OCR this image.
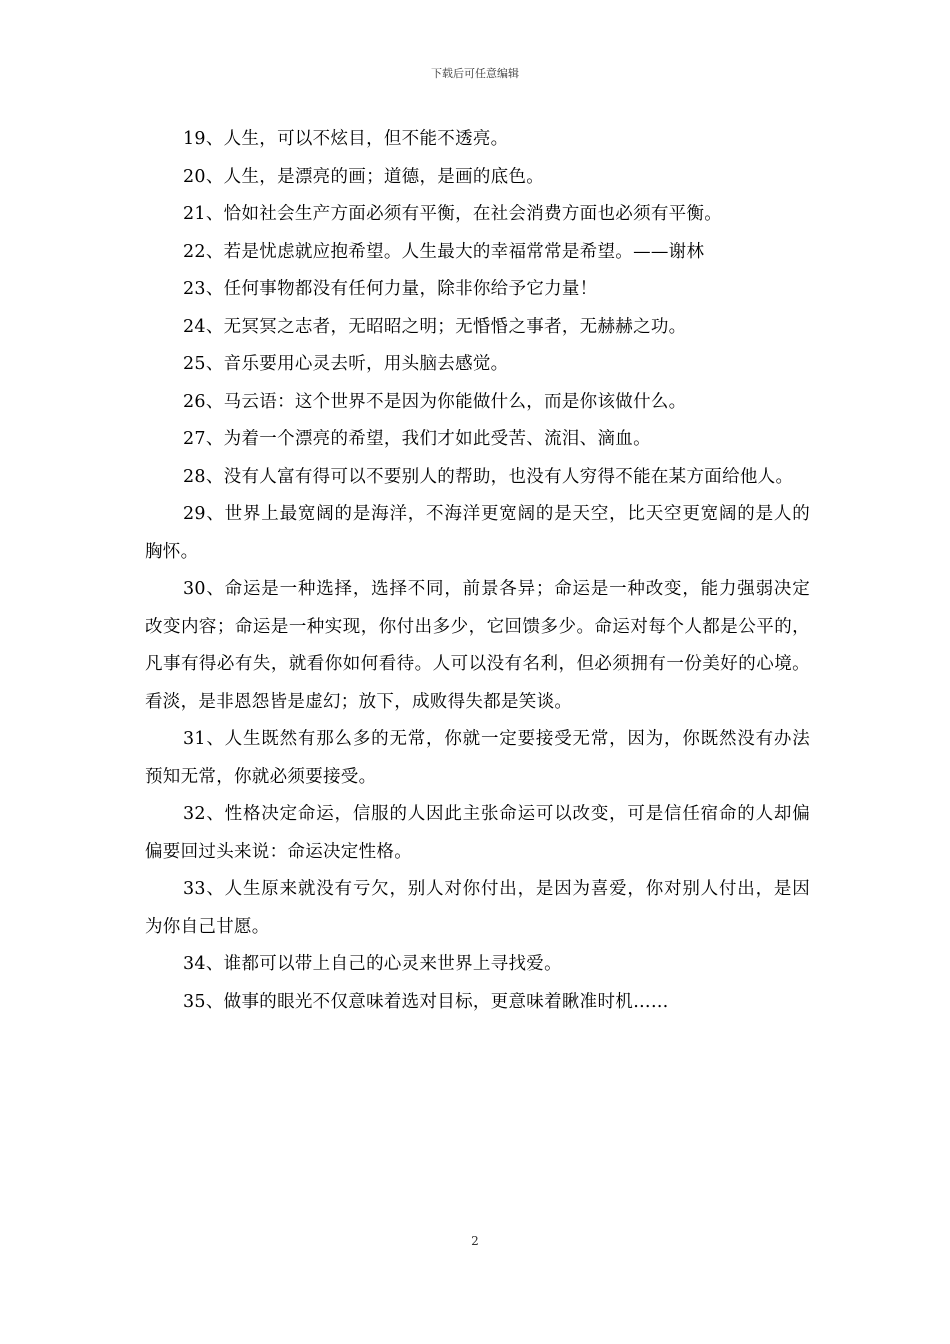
下载后可任意编辑

19、人生，可以不炫目，但不能不透亮。

20、人生，是漂亮的画；道德，是画的底色。

21、恰如社会生产方面必须有平衡，在社会消费方面也必须有平衡。

22、若是忧虑就应抱希望。人生最大的幸福常常是希望。——谢林

23、任何事物都没有任何力量，除非你给予它力量！

24、无冥冥之志者，无昭昭之明；无惛惛之事者，无赫赫之功。

25、音乐要用心灵去听，用头脑去感觉。

26、马云语：这个世界不是因为你能做什么，而是你该做什么。

27、为着一个漂亮的希望，我们才如此受苦、流泪、滴血。

28、没有人富有得可以不要别人的帮助，也没有人穷得不能在某方面给他人。

29、世界上最宽阔的是海洋，不海洋更宽阔的是天空，比天空更宽阔的是人的胸怀。

30、命运是一种选择，选择不同，前景各异；命运是一种改变，能力强弱决定改变内容；命运是一种实现，你付出多少，它回馈多少。命运对每个人都是公平的，凡事有得必有失，就看你如何看待。人可以没有名利，但必须拥有一份美好的心境。看淡，是非恩怨皆是虚幻；放下，成败得失都是笑谈。

31、人生既然有那么多的无常，你就一定要接受无常，因为，你既然没有办法预知无常，你就必须要接受。

32、性格决定命运，信服的人因此主张命运可以改变，可是信任宿命的人却偏偏要回过头来说：命运决定性格。

33、人生原来就没有亏欠，别人对你付出，是因为喜爱，你对别人付出，是因为你自己甘愿。

34、谁都可以带上自己的心灵来世界上寻找爱。

35、做事的眼光不仅意味着选对目标，更意味着瞅准时机……

2
